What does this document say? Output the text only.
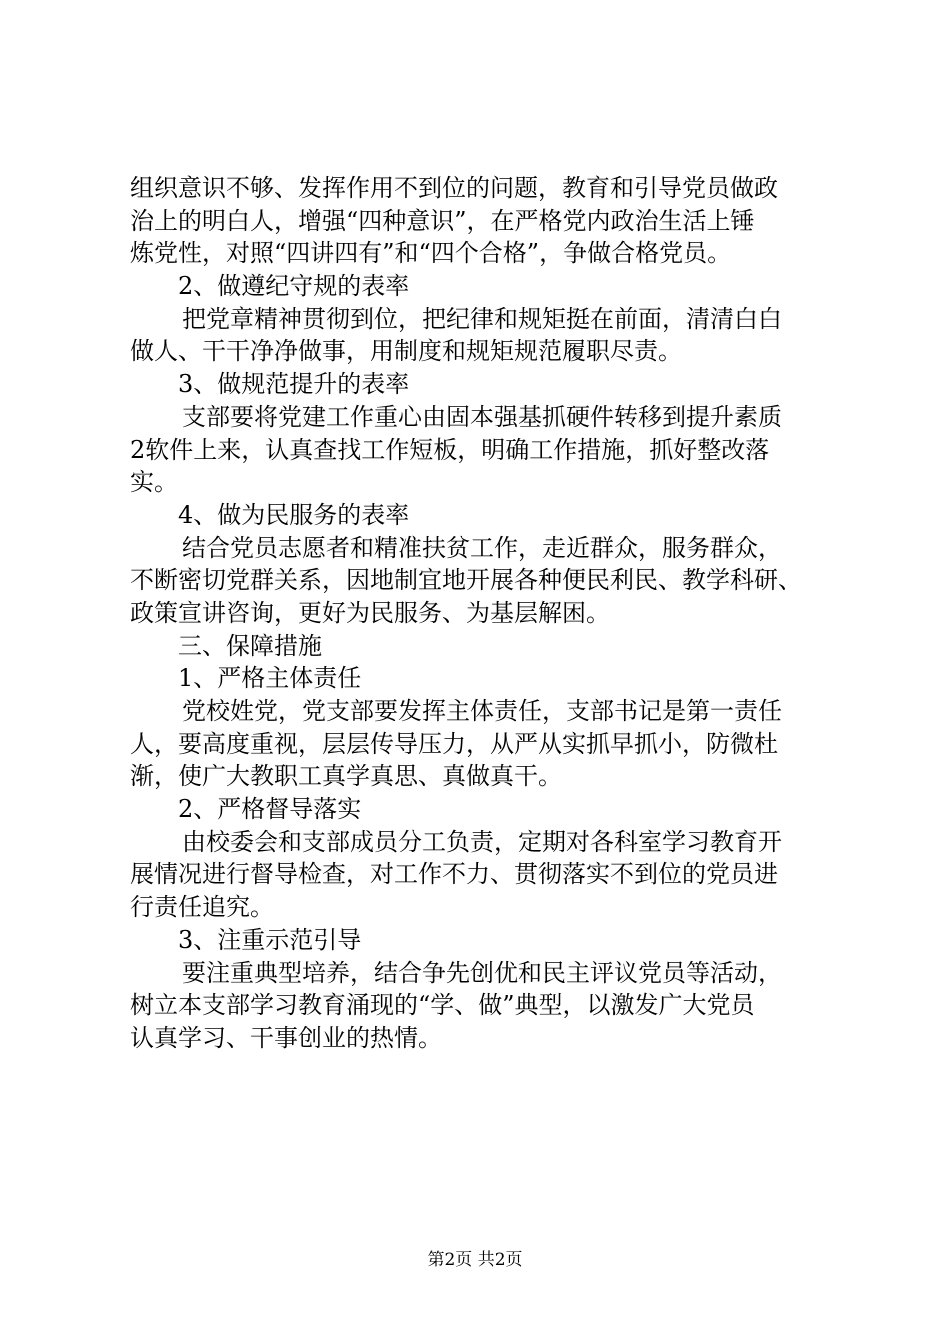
组织意识不够、发挥作用不到位的问题，教育和引导党员做政
治上的明白人，增强“四种意识”，在严格党内政治生活上锤
炼党性，对照“四讲四有”和“四个合格”，争做合格党员。
2、做遵纪守规的表率
把党章精神贯彻到位，把纪律和规矩挺在前面，清清白白
做人、干干净净做事，用制度和规矩规范履职尽责。
3、做规范提升的表率
支部要将党建工作重心由固本强基抓硬件转移到提升素质
2软件上来，认真查找工作短板，明确工作措施，抓好整改落
实。
4、做为民服务的表率
结合党员志愿者和精准扶贫工作，走近群众，服务群众，
不断密切党群关系，因地制宜地开展各种便民利民、教学科研、
政策宣讲咨询，更好为民服务、为基层解困。
三、保障措施
1、严格主体责任
党校姓党，党支部要发挥主体责任，支部书记是第一责任
人，要高度重视，层层传导压力，从严从实抓早抓小，防微杜
渐，使广大教职工真学真思、真做真干。
2、严格督导落实
由校委会和支部成员分工负责，定期对各科室学习教育开
展情况进行督导检查，对工作不力、贯彻落实不到位的党员进
行责任追究。
3、注重示范引导
要注重典型培养，结合争先创优和民主评议党员等活动，
树立本支部学习教育涌现的“学、做”典型，以激发广大党员
认真学习、干事创业的热情。
第2页 共2页
